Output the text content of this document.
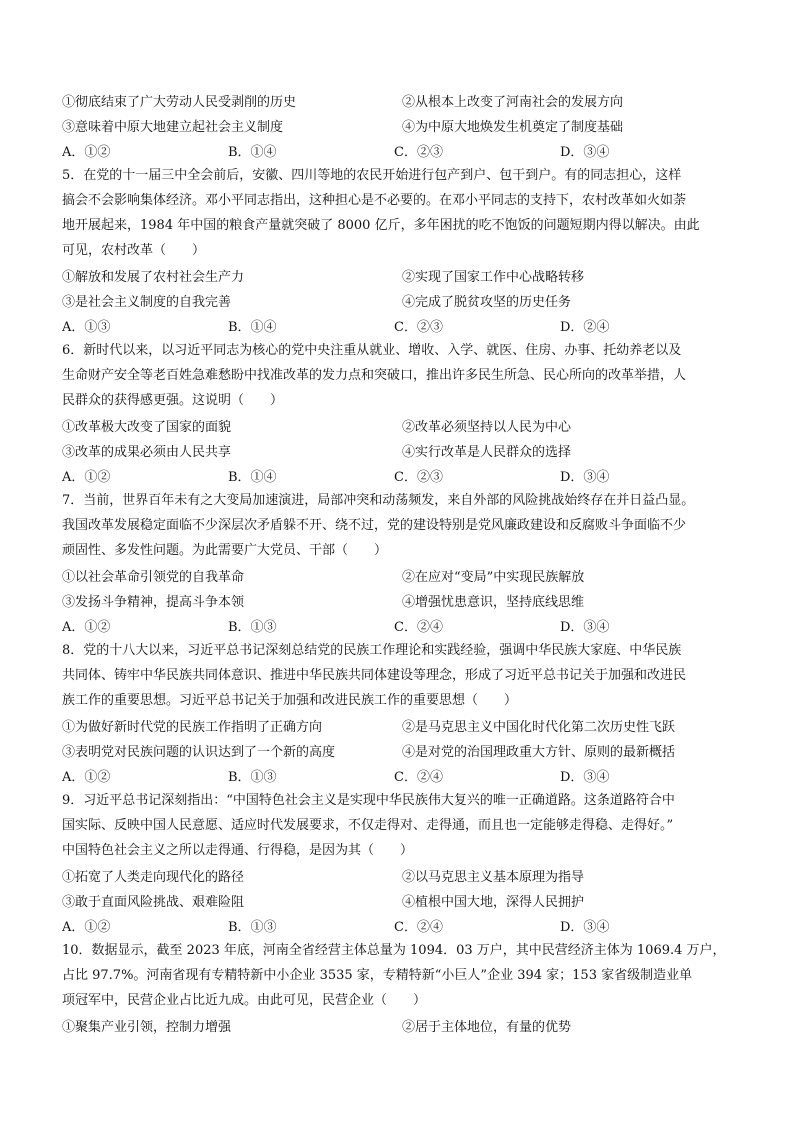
①彻底结束了广大劳动人民受剥削的历史	②从根本上改变了河南社会的发展方向
③意味着中原大地建立起社会主义制度	④为中原大地焕发生机奠定了制度基础
A．①②	B．①④	C．②③	D．③④

5．在党的十一届三中全会前后，安徽、四川等地的农民开始进行包产到户、包干到户。有的同志担心，这样

搞会不会影响集体经济。邓小平同志指出，这种担心是不必要的。在邓小平同志的支持下，农村改革如火如荼

地开展起来，1984 年中国的粮食产量就突破了 8000 亿斤，多年困扰的吃不饱饭的问题短期内得以解决。由此

可见，农村改革（　　）

①解放和发展了农村社会生产力	②实现了国家工作中心战略转移
③是社会主义制度的自我完善	④完成了脱贫攻坚的历史任务
A．①③	B．①④	C．②③	D．②④

6．新时代以来，以习近平同志为核心的党中央注重从就业、增收、入学、就医、住房、办事、托幼养老以及

生命财产安全等老百姓急难愁盼中找准改革的发力点和突破口，推出许多民生所急、民心所向的改革举措，人

民群众的获得感更强。这说明（　　）

①改革极大改变了国家的面貌	②改革必须坚持以人民为中心
③改革的成果必须由人民共享	④实行改革是人民群众的选择
A．①②	B．①④	C．②③	D．③④

7．当前，世界百年未有之大变局加速演进，局部冲突和动荡频发，来自外部的风险挑战始终存在并日益凸显。

我国改革发展稳定面临不少深层次矛盾躲不开、绕不过，党的建设特别是党风廉政建设和反腐败斗争面临不少

顽固性、多发性问题。为此需要广大党员、干部（　　）

①以社会革命引领党的自我革命	②在应对“变局”中实现民族解放
③发扬斗争精神，提高斗争本领	④增强忧患意识，坚持底线思维
A．①②	B．①③	C．②④	D．③④

8．党的十八大以来，习近平总书记深刻总结党的民族工作理论和实践经验，强调中华民族大家庭、中华民族

共同体、铸牢中华民族共同体意识、推进中华民族共同体建设等理念，形成了习近平总书记关于加强和改进民

族工作的重要思想。习近平总书记关于加强和改进民族工作的重要思想（　　）

①为做好新时代党的民族工作指明了正确方向	②是马克思主义中国化时代化第二次历史性飞跃
③表明党对民族问题的认识达到了一个新的高度	④是对党的治国理政重大方针、原则的最新概括
A．①②	B．①③	C．②④	D．③④

9．习近平总书记深刻指出：“中国特色社会主义是实现中华民族伟大复兴的唯一正确道路。这条道路符合中

国实际、反映中国人民意愿、适应时代发展要求，不仅走得对、走得通，而且也一定能够走得稳、走得好。”

中国特色社会主义之所以走得通、行得稳，是因为其（　　）

①拓宽了人类走向现代化的路径	②以马克思主义基本原理为指导
③敢于直面风险挑战、艰难险阻	④植根中国大地，深得人民拥护
A．①②	B．①③	C．②④	D．③④

10．数据显示，截至 2023 年底，河南全省经营主体总量为 1094．03 万户，其中民营经济主体为 1069.4 万户，

占比 97.7%。河南省现有专精特新中小企业 3535 家，专精特新“小巨人”企业 394 家；153 家省级制造业单

项冠军中，民营企业占比近九成。由此可见，民营企业（　　）

①聚集产业引领，控制力增强	②居于主体地位，有量的优势
